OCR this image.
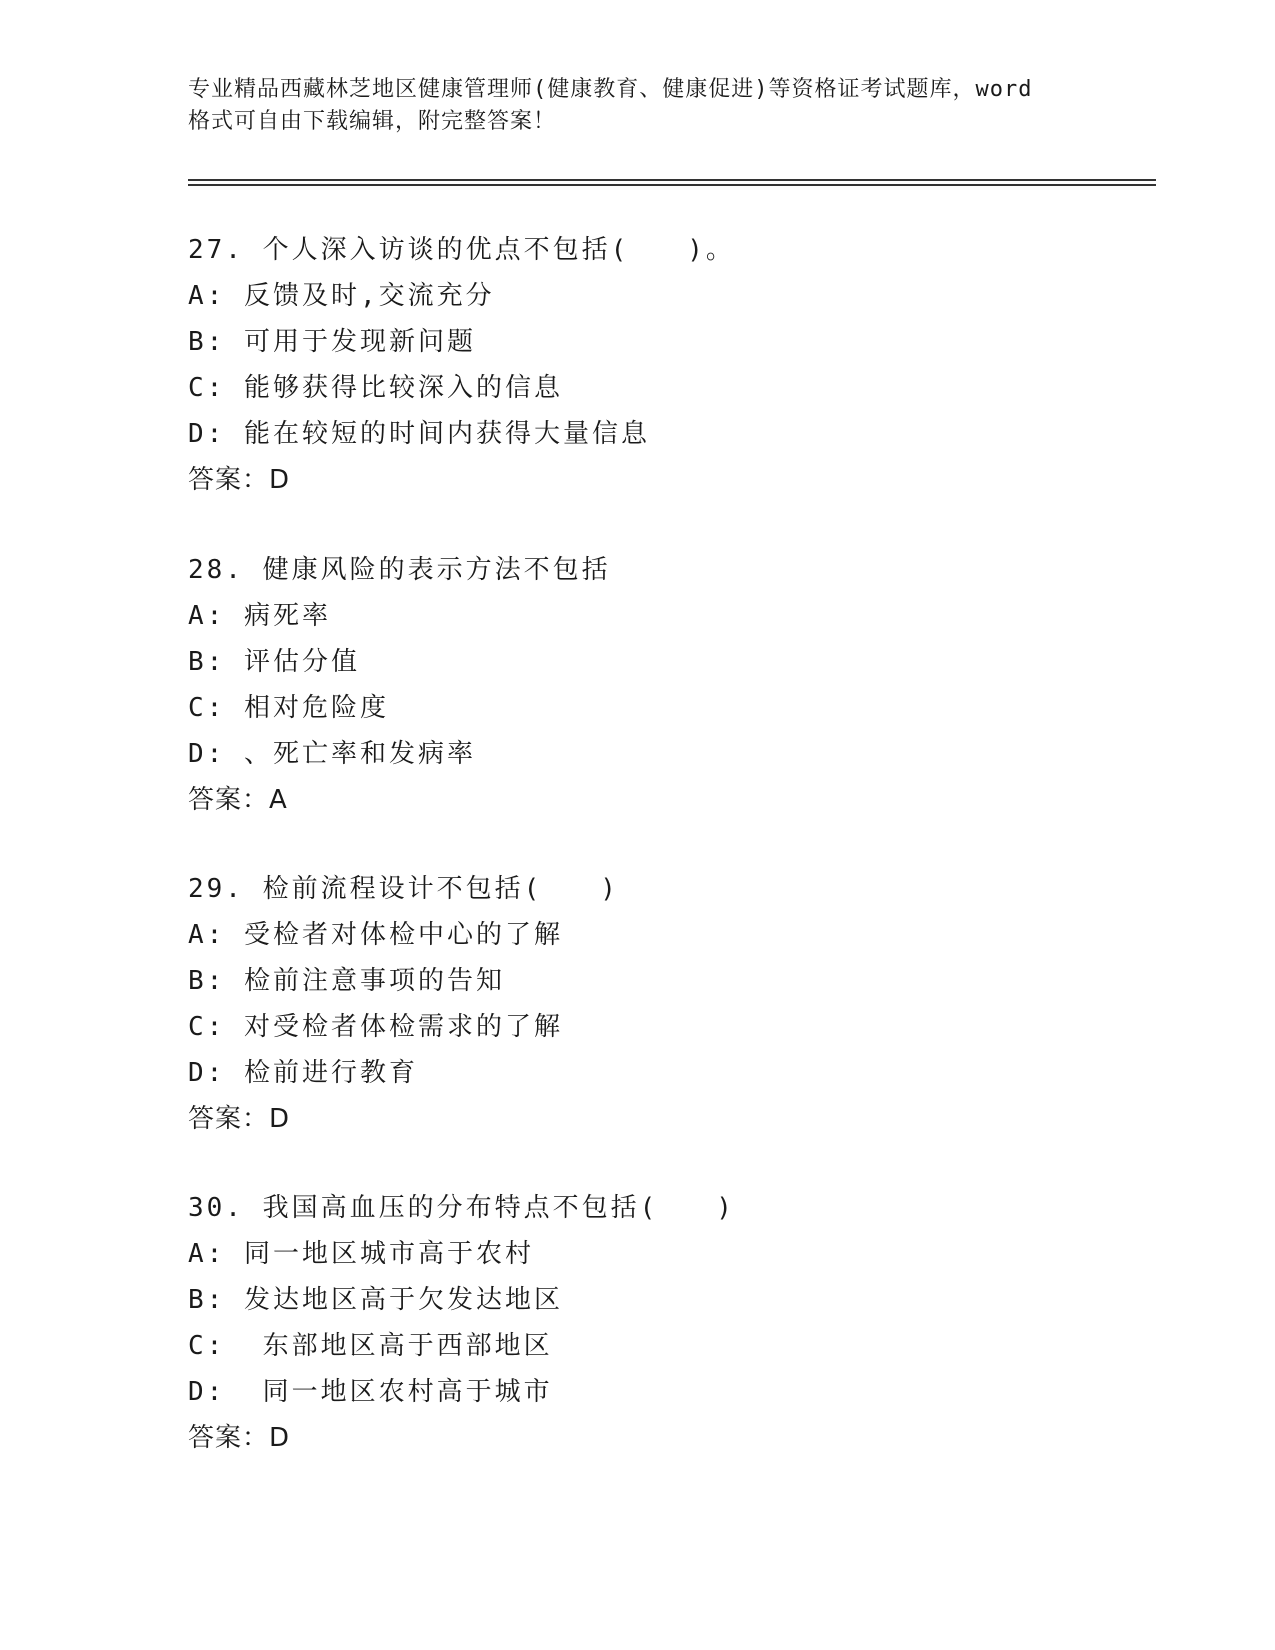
专业精品西藏林芝地区健康管理师(健康教育、健康促进)等资格证考试题库，word

格式可自由下载编辑，附完整答案！

27. 个人深入访谈的优点不包括(　　)。
A: 反馈及时,交流充分
B: 可用于发现新问题
C: 能够获得比较深入的信息
D: 能在较短的时间内获得大量信息
答案：D
28. 健康风险的表示方法不包括
A: 病死率
B: 评估分值
C: 相对危险度
D: 、死亡率和发病率
答案：A
29. 检前流程设计不包括(　　)
A: 受检者对体检中心的了解
B: 检前注意事项的告知
C: 对受检者体检需求的了解
D: 检前进行教育
答案：D
30. 我国高血压的分布特点不包括(　　)
A: 同一地区城市高于农村
B: 发达地区高于欠发达地区
C:  东部地区高于西部地区
D:  同一地区农村高于城市
答案：D
